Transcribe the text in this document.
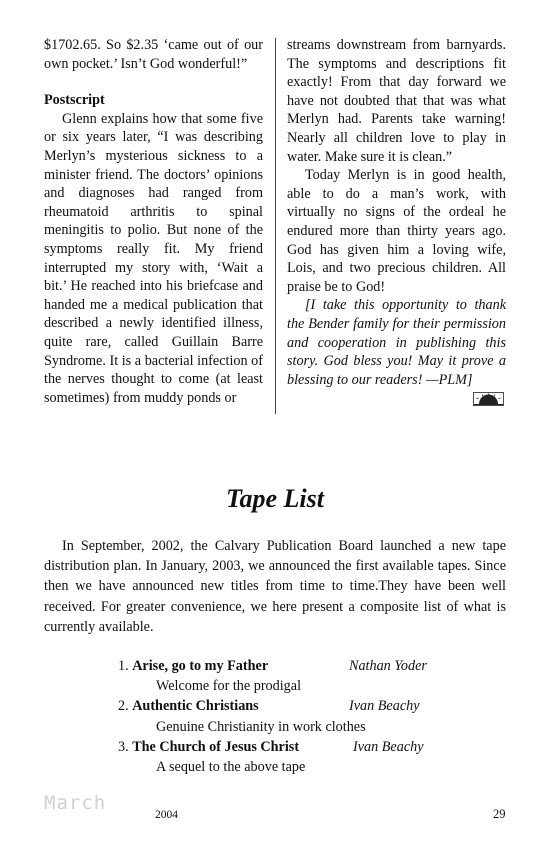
$1702.65. So $2.35 ‘came out of our own pocket.’ Isn’t God wonderful!”

Postscript

Glenn explains how that some five or six years later, “I was describing Merlyn’s mysterious sickness to a minister friend. The doctors’ opinions and diagnoses had ranged from rheumatoid arthritis to spinal meningitis to polio. But none of the symptoms really fit. My friend interrupted my story with, ‘Wait a bit.’ He reached into his briefcase and handed me a medical publication that described a newly identified illness, quite rare, called Guillain Barre Syndrome. It is a bacterial infection of the nerves thought to come (at least sometimes) from muddy ponds or

streams downstream from barnyards. The symptoms and descriptions fit exactly! From that day forward we have not doubted that that was what Merlyn had. Parents take warning! Nearly all children love to play in water. Make sure it is clean.”

Today Merlyn is in good health, able to do a man’s work, with virtually no signs of the ordeal he endured more than thirty years ago. God has given him a loving wife, Lois, and two precious children. All praise be to God!

[I take this opportunity to thank the Bender family for their permission and cooperation in publishing this story. God bless you! May it prove a blessing to our readers! —PLM]

Tape List

In September, 2002, the Calvary Publication Board launched a new tape distribution plan. In January, 2003, we announced the first available tapes. Since then we have announced new titles from time to time.They have been well received. For greater convenience, we here present a composite list of what is currently available.

1. Arise, go to my Father	Nathan Yoder
Welcome for the prodigal
2. Authentic Christians	Ivan Beachy
Genuine Christianity in work clothes
3. The Church of Jesus Christ	Ivan Beachy
A sequel to the above tape
March
2004	29
